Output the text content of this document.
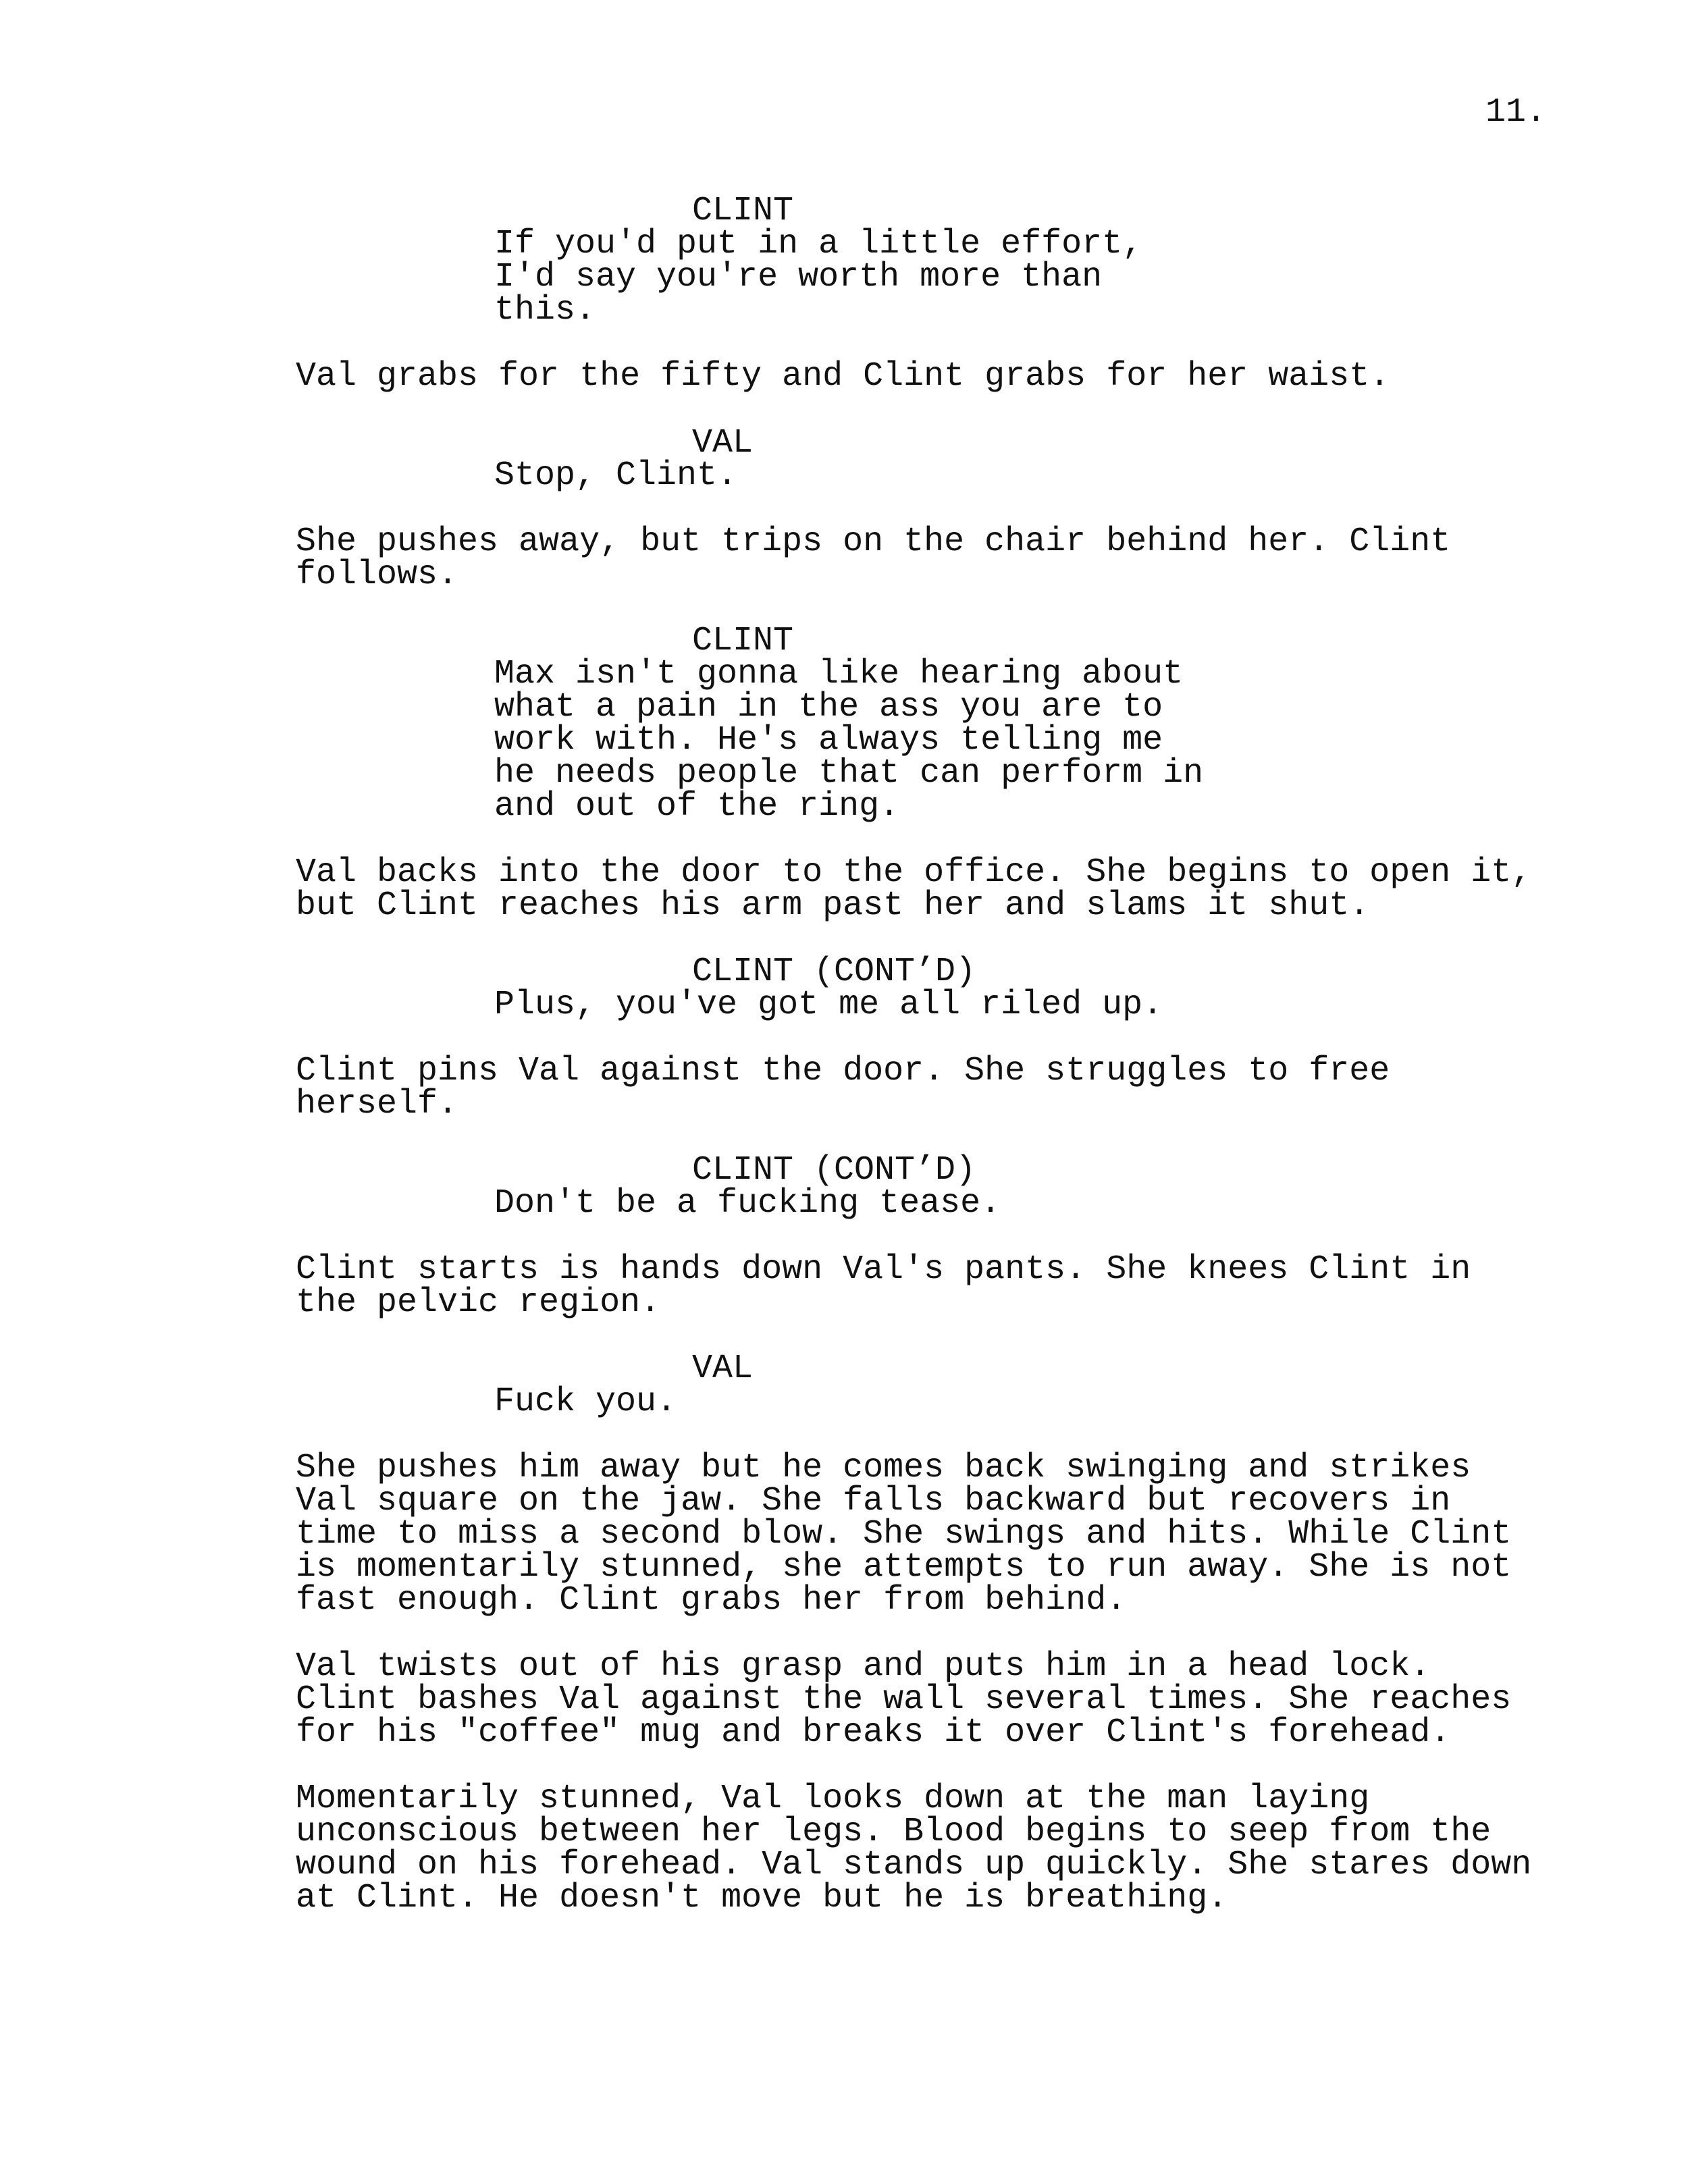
11.

CLINT

If you'd put in a little effort,
I'd say you're worth more than
this.

Val grabs for the fifty and Clint grabs for her waist.

VAL

Stop, Clint.

She pushes away, but trips on the chair behind her. Clint
follows.

CLINT

Max isn't gonna like hearing about
what a pain in the ass you are to
work with. He's always telling me
he needs people that can perform in
and out of the ring.

Val backs into the door to the office. She begins to open it,
but Clint reaches his arm past her and slams it shut.

CLINT (CONT’D)

Plus, you've got me all riled up.

Clint pins Val against the door. She struggles to free
herself.

CLINT (CONT’D)

Don't be a fucking tease.

Clint starts is hands down Val's pants. She knees Clint in
the pelvic region.

VAL

Fuck you.

She pushes him away but he comes back swinging and strikes
Val square on the jaw. She falls backward but recovers in
time to miss a second blow. She swings and hits. While Clint
is momentarily stunned, she attempts to run away. She is not
fast enough. Clint grabs her from behind.

Val twists out of his grasp and puts him in a head lock.
Clint bashes Val against the wall several times. She reaches
for his "coffee" mug and breaks it over Clint's forehead.

Momentarily stunned, Val looks down at the man laying
unconscious between her legs. Blood begins to seep from the
wound on his forehead. Val stands up quickly. She stares down
at Clint. He doesn't move but he is breathing.
